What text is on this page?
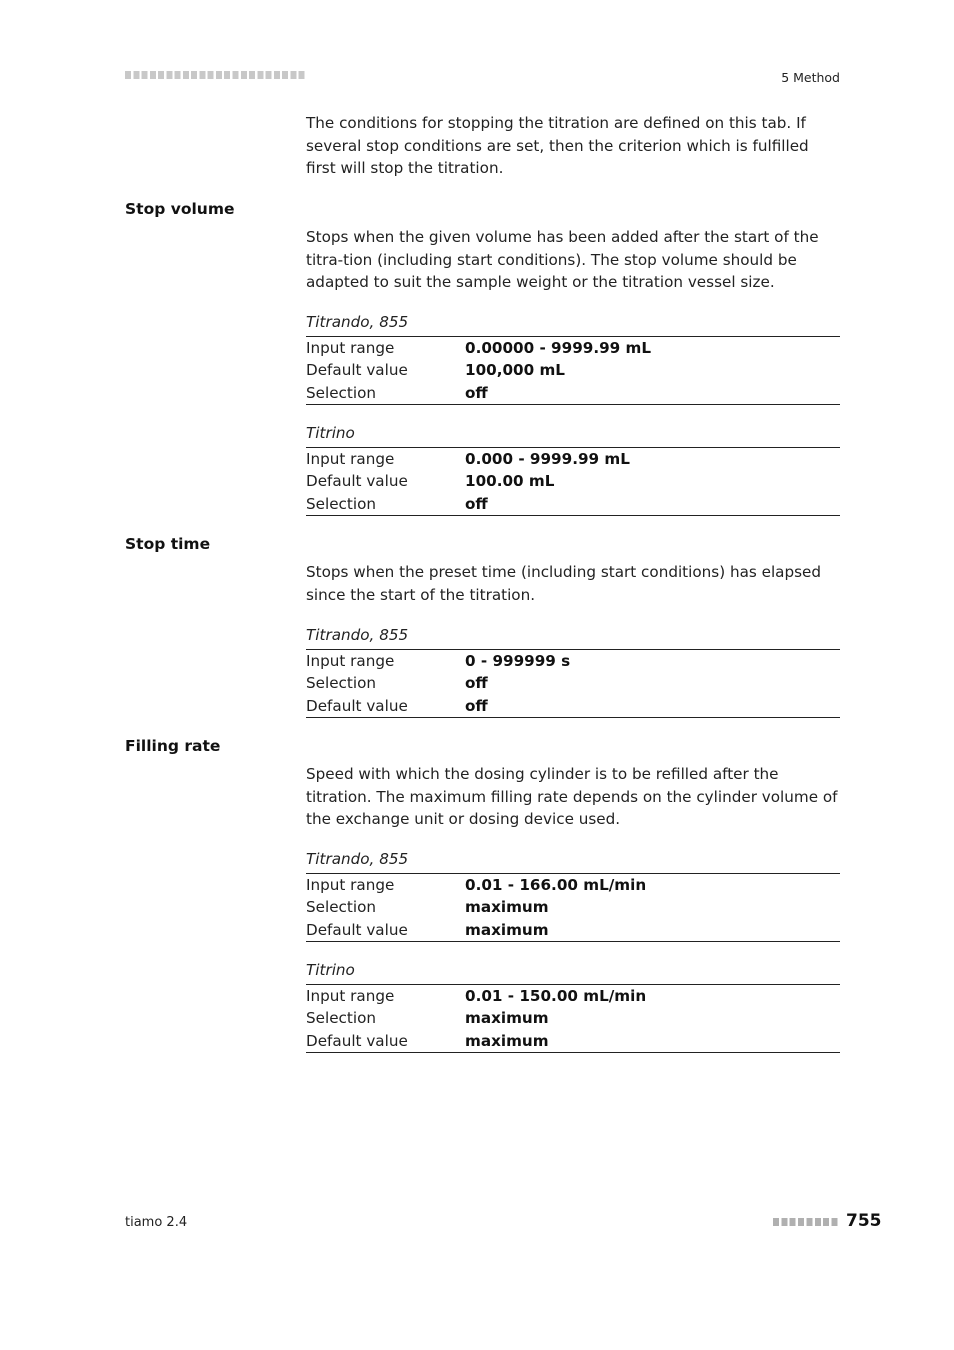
5 Method

The conditions for stopping the titration are defined on this tab. If several stop conditions are set, then the criterion which is fulfilled first will stop the titration.

Stop volume

Stops when the given volume has been added after the start of the titra-tion (including start conditions). The stop volume should be adapted to suit the sample weight or the titration vessel size.

Titrando, 855
Input range	0.00000 - 9999.99 mL
Default value	100,000 mL
Selection	off
Titrino
Input range	0.000 - 9999.99 mL
Default value	100.00 mL
Selection	off
Stop time

Stops when the preset time (including start conditions) has elapsed since the start of the titration.

Titrando, 855
Input range	0 - 999999 s
Selection	off
Default value	off
Filling rate

Speed with which the dosing cylinder is to be refilled after the titration. The maximum filling rate depends on the cylinder volume of the exchange unit or dosing device used.

Titrando, 855
Input range	0.01 - 166.00 mL/min
Selection	maximum
Default value	maximum
Titrino
Input range	0.01 - 150.00 mL/min
Selection	maximum
Default value	maximum
tiamo 2.4	755
